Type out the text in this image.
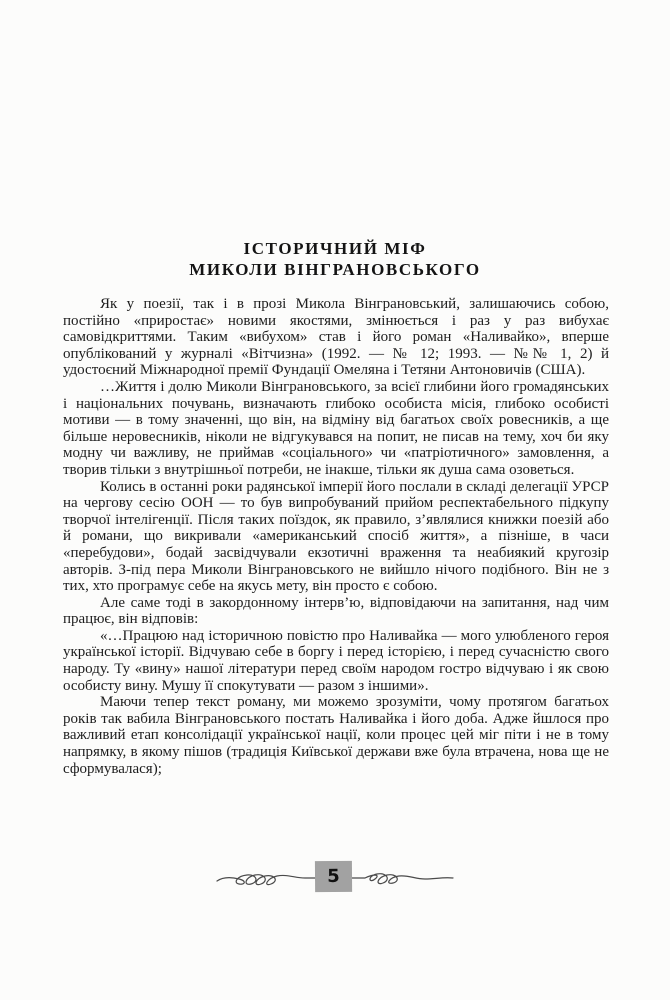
ІСТОРИЧНИЙ МІФ
МИКОЛИ ВІНГРАНОВСЬКОГО

Як у поезії, так і в прозі Микола Вінграновський, залишаючись собою, постійно «приростає» новими якостями, змінюється і раз у раз вибухає самовідкриттями. Таким «вибухом» став і його роман «Наливайко», вперше опублікований у журналі «Вітчизна» (1992. — № 12; 1993. — №№ 1, 2) й удостоєний Міжнародної премії Фундації Омеляна і Тетяни Антоновичів (США).

…Життя і долю Миколи Вінграновського, за всієї глибини його громадянських і національних почувань, визначають глибоко особиста місія, глибоко особисті мотиви — в тому значенні, що він, на відміну від багатьох своїх ровесників, а ще більше неровесників, ніколи не відгукувався на попит, не писав на тему, хоч би яку модну чи важливу, не приймав «соціального» чи «патріотичного» замовлення, а творив тільки з внутрішньої потреби, не інакше, тільки як душа сама озоветься.

Колись в останні роки радянської імперії його послали в складі делегації УРСР на чергову сесію ООН — то був випробуваний прийом респектабельного підкупу творчої інтелігенції. Після таких поїздок, як правило, з’являлися книжки поезій або й романи, що викривали «американський спосіб життя», а пізніше, в часи «перебудови», бодай засвідчували екзотичні враження та неабиякий кругозір авторів. З-під пера Миколи Вінграновського не вийшло нічого подібного. Він не з тих, хто програмує себе на якусь мету, він просто є собою.

Але саме тоді в закордонному інтерв’ю, відповідаючи на запитання, над чим працює, він відповів:

«…Працюю над історичною повістю про Наливайка — мого улюбленого героя української історії. Відчуваю себе в боргу і перед історією, і перед сучасністю свого народу. Ту «вину» нашої літератури перед своїм народом гостро відчуваю і як свою особисту вину. Мушу її спокутувати — разом з іншими».

Маючи тепер текст роману, ми можемо зрозуміти, чому протягом багатьох років так вабила Вінграновського постать Наливайка і його доба. Адже йшлося про важливий етап консолідації української нації, коли процес цей міг піти і не в тому напрямку, в якому пішов (традиція Київської держави вже була втрачена, нова ще не сформувалася);

5
